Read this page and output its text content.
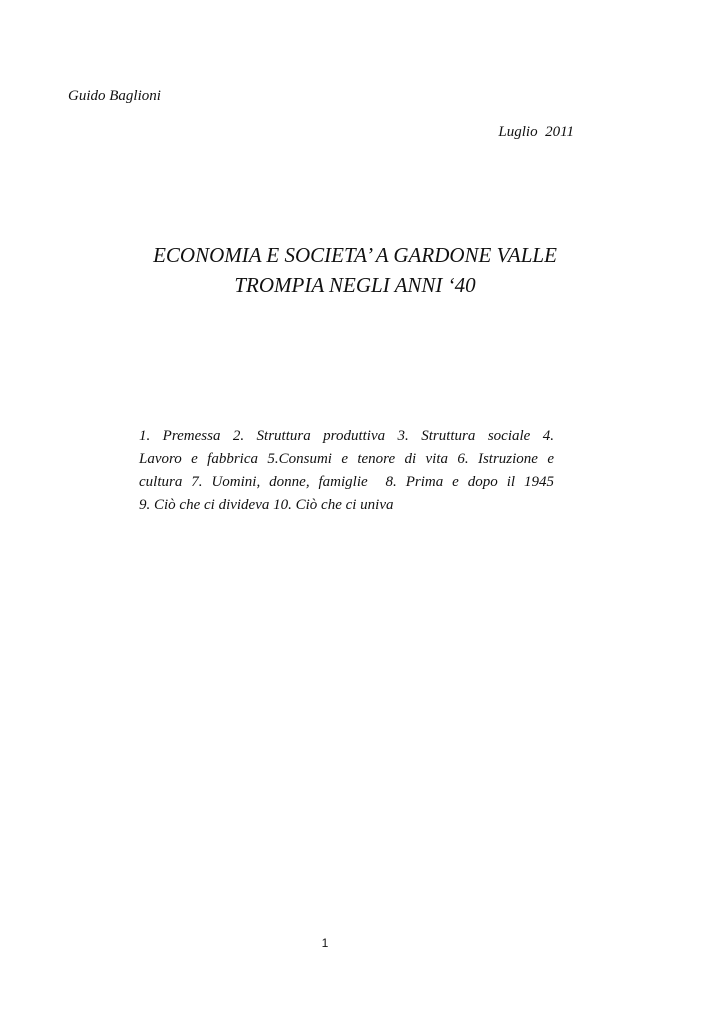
Guido Baglioni
Luglio  2011
ECONOMIA E SOCIETA’ A GARDONE VALLE
TROMPIA NEGLI ANNI ‘40
1. Premessa 2. Struttura produttiva 3. Struttura sociale 4.
Lavoro e fabbrica 5.Consumi e tenore di vita 6. Istruzione e
cultura 7. Uomini, donne, famiglie  8. Prima e dopo il 1945
9. Ciò che ci divideva 10. Ciò che ci univa
1
